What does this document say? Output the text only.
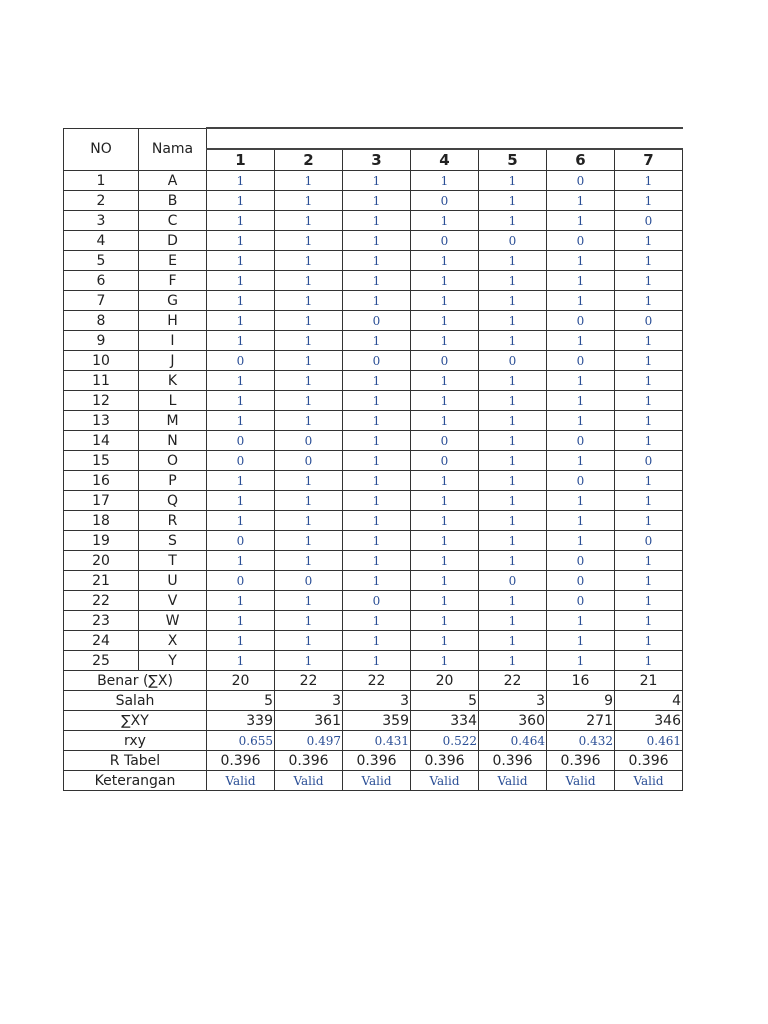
NO	Nama							
		1	2	3	4	5	6	7
1	A	1	1	1	1	1	0	1
2	B	1	1	1	0	1	1	1
3	C	1	1	1	1	1	1	0
4	D	1	1	1	0	0	0	1
5	E	1	1	1	1	1	1	1
6	F	1	1	1	1	1	1	1
7	G	1	1	1	1	1	1	1
8	H	1	1	0	1	1	0	0
9	I	1	1	1	1	1	1	1
10	J	0	1	0	0	0	0	1
11	K	1	1	1	1	1	1	1
12	L	1	1	1	1	1	1	1
13	M	1	1	1	1	1	1	1
14	N	0	0	1	0	1	0	1
15	O	0	0	1	0	1	1	0
16	P	1	1	1	1	1	0	1
17	Q	1	1	1	1	1	1	1
18	R	1	1	1	1	1	1	1
19	S	0	1	1	1	1	1	0
20	T	1	1	1	1	1	0	1
21	U	0	0	1	1	0	0	1
22	V	1	1	0	1	1	0	1
23	W	1	1	1	1	1	1	1
24	X	1	1	1	1	1	1	1
25	Y	1	1	1	1	1	1	1
Benar (∑X)		20	22	22	20	22	16	21
Salah		5	3	3	5	3	9	4
∑XY		339	361	359	334	360	271	346
rxy		0.655	0.497	0.431	0.522	0.464	0.432	0.461
R Tabel		0.396	0.396	0.396	0.396	0.396	0.396	0.396
Keterangan		Valid	Valid	Valid	Valid	Valid	Valid	Valid
